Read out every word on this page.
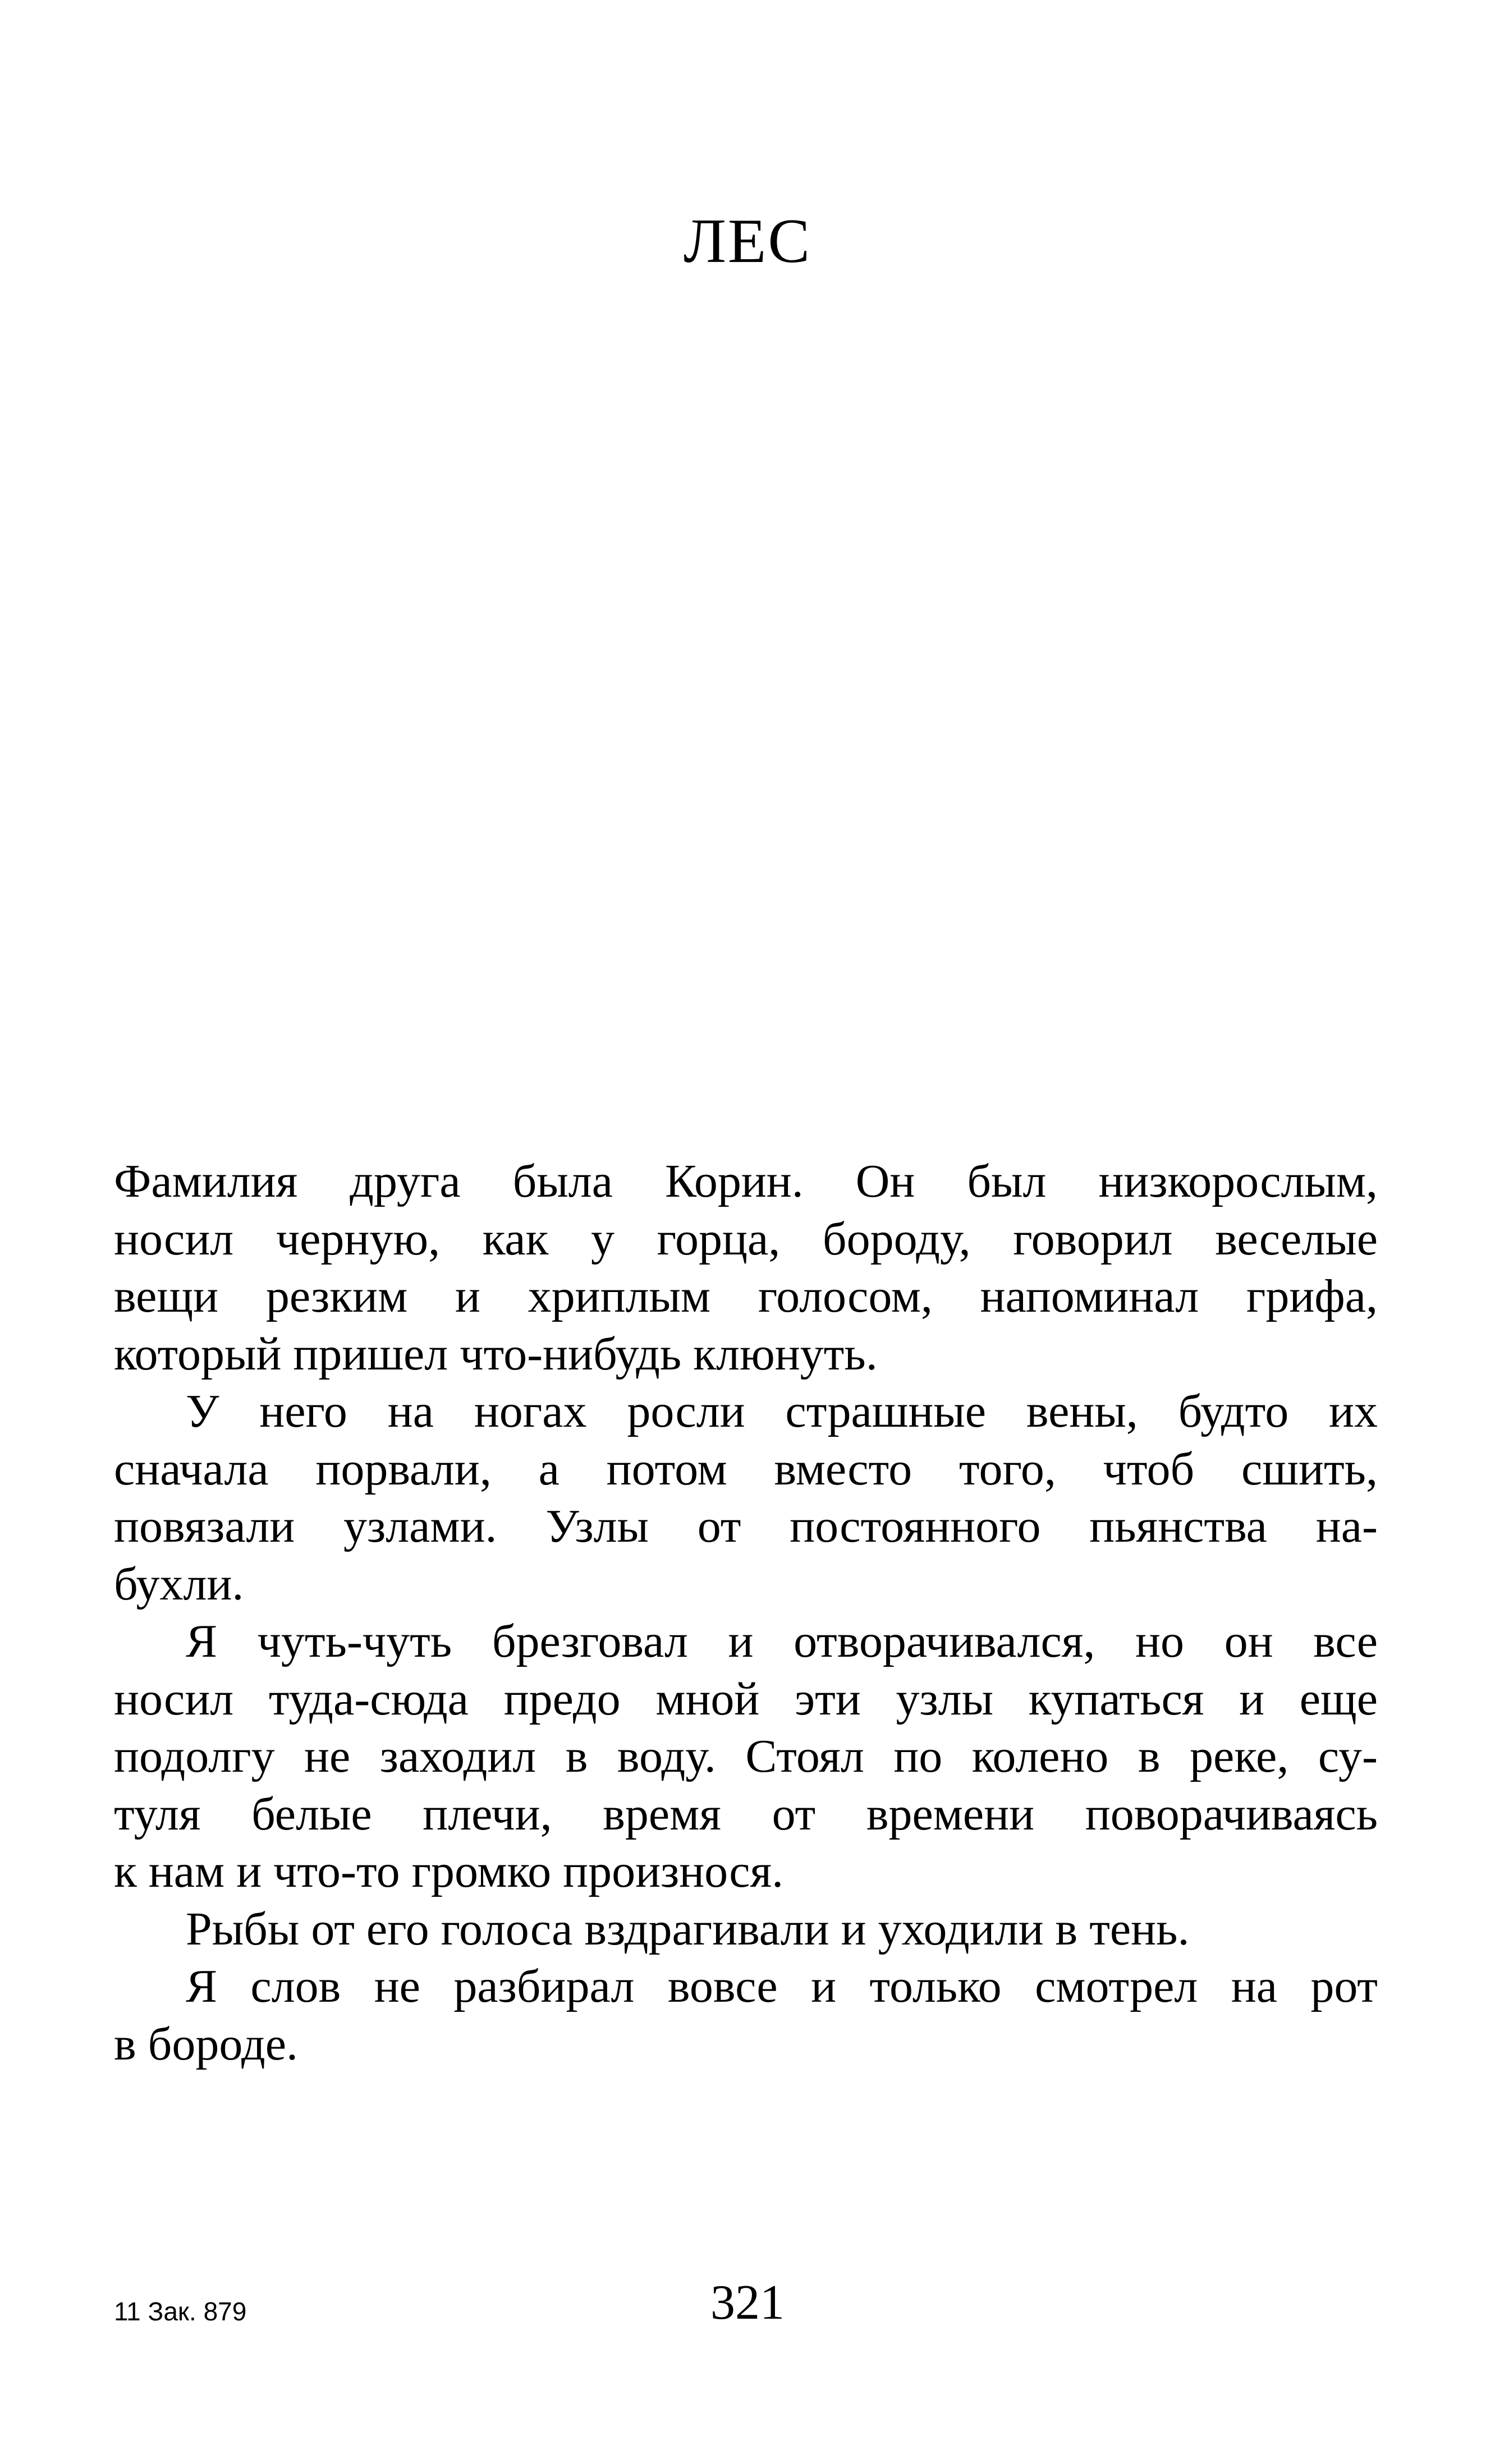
ЛЕС

Фамилия друга была Корин. Он был низкорослым,
носил черную, как у горца, бороду, говорил веселые
вещи резким и хриплым голосом, напоминал грифа,
который пришел что-нибудь клюнуть.

У него на ногах росли страшные вены, будто их
сначала порвали, а потом вместо того, чтоб сшить,
повязали узлами. Узлы от постоянного пьянства на-
бухли.

Я чуть-чуть брезговал и отворачивался, но он все
носил туда-сюда предо мной эти узлы купаться и еще
подолгу не заходил в воду. Стоял по колено в реке, су-
туля белые плечи, время от времени поворачиваясь
к нам и что-то громко произнося.

Рыбы от его голоса вздрагивали и уходили в тень.

Я слов не разбирал вовсе и только смотрел на рот
в бороде.

11 Зак. 879	321
